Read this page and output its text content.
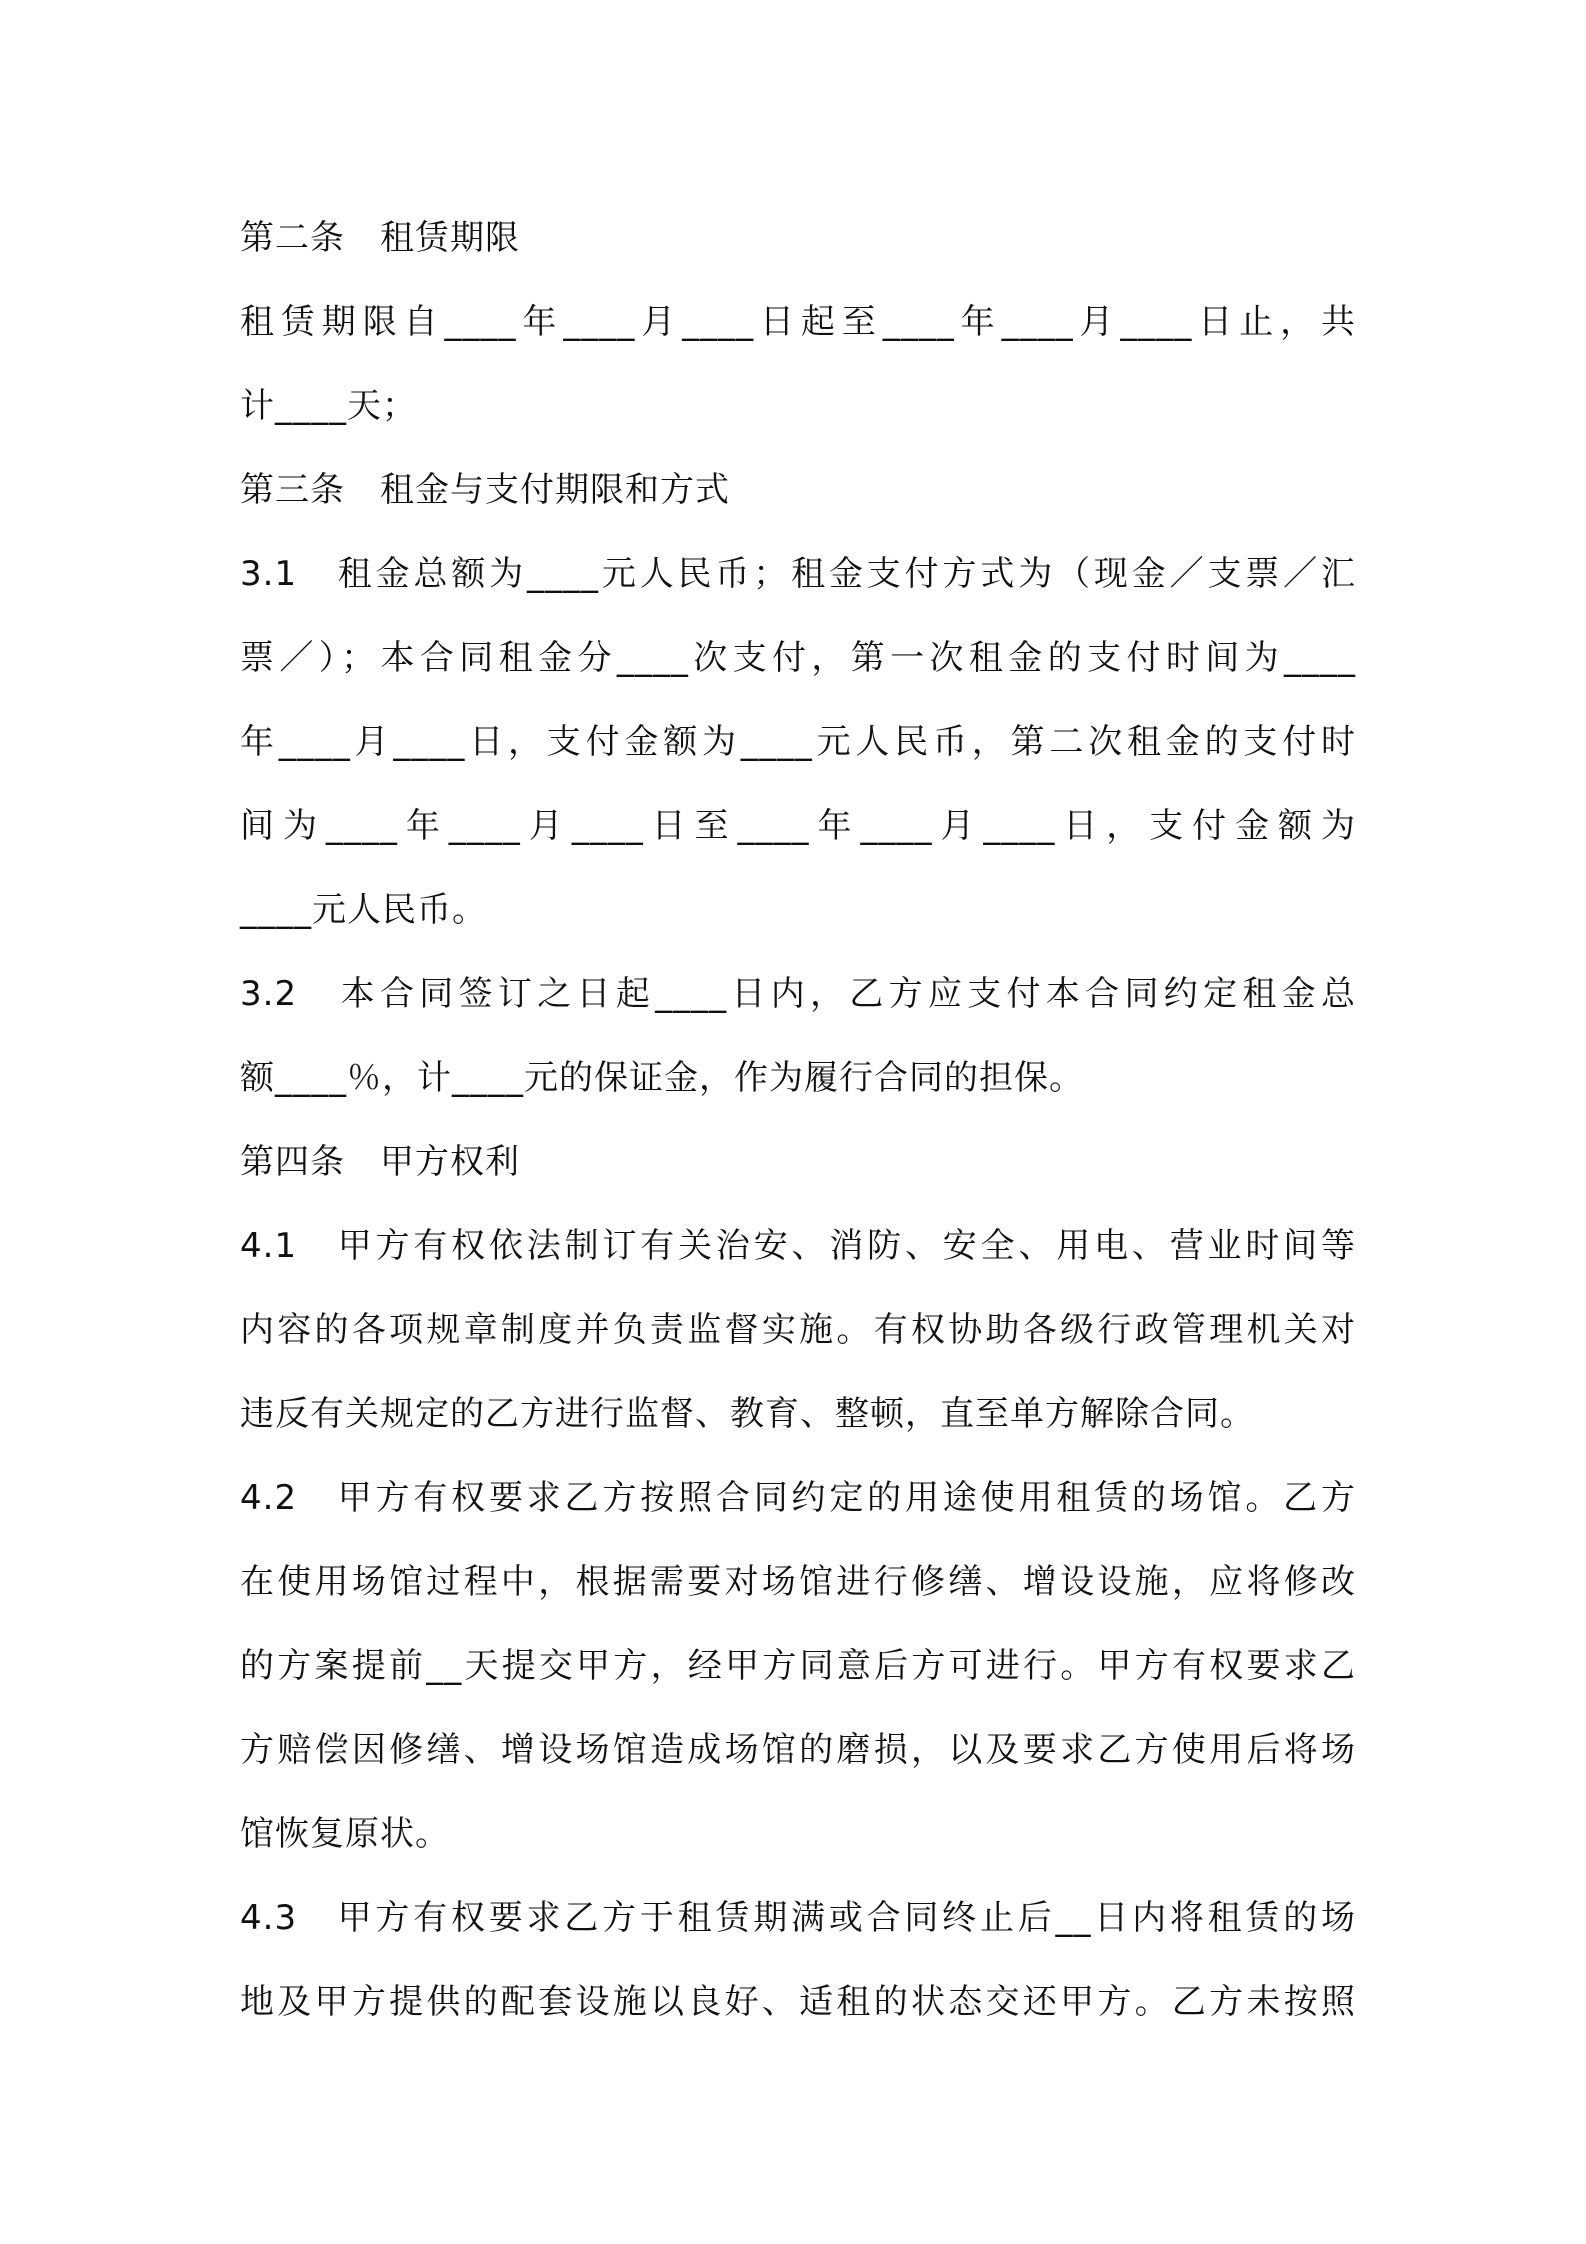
第二条　租赁期限
租赁期限自____年____月____日起至____年____月____日止，共
计____天；
第三条　租金与支付期限和方式
3.1　租金总额为____元人民币；租金支付方式为（现金／支票／汇
票／）；本合同租金分____次支付，第一次租金的支付时间为____
年____月____日，支付金额为____元人民币，第二次租金的支付时
间为____年____月____日至____年____月____日，支付金额为
____元人民币。
3.2　本合同签订之日起____日内，乙方应支付本合同约定租金总
额____％，计____元的保证金，作为履行合同的担保。
第四条　甲方权利
4.1　甲方有权依法制订有关治安、消防、安全、用电、营业时间等
内容的各项规章制度并负责监督实施。有权协助各级行政管理机关对
违反有关规定的乙方进行监督、教育、整顿，直至单方解除合同。
4.2　甲方有权要求乙方按照合同约定的用途使用租赁的场馆。乙方
在使用场馆过程中，根据需要对场馆进行修缮、增设设施，应将修改
的方案提前__天提交甲方，经甲方同意后方可进行。甲方有权要求乙
方赔偿因修缮、增设场馆造成场馆的磨损，以及要求乙方使用后将场
馆恢复原状。
4.3　甲方有权要求乙方于租赁期满或合同终止后__日内将租赁的场
地及甲方提供的配套设施以良好、适租的状态交还甲方。乙方未按照
